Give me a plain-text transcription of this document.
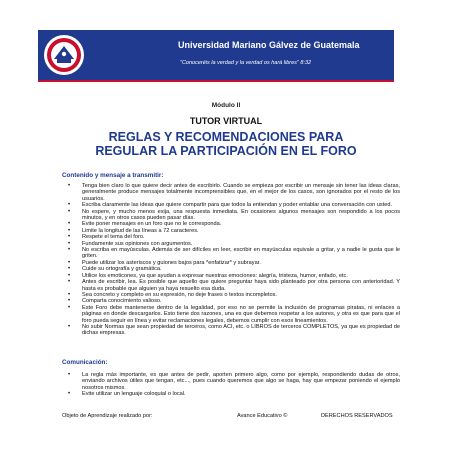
Universidad Mariano Gálvez de Guatemala
"Conoceréis la verdad y la verdad os hará libres" 8:32
Módulo II
TUTOR VIRTUAL
REGLAS Y RECOMENDACIONES PARA
REGULAR LA PARTICIPACIÓN EN EL FORO
Contenido y mensaje a transmitir:
• Tenga bien claro lo que quiere decir antes de escribirlo. Cuando se empieza por escribir un mensaje sin tener las ideas claras, generalmente produce mensajes totalmente incomprensibles que, en el mejor de los casos, son ignorados por el resto de los usuarios.
• Escriba claramente las ideas que quiere compartir para que todos la entiendan y poder entablar una conversación con usted.
• No espere, y mucho menos exija, una respuesta inmediata. En ocasiones algunos mensajes son respondido a los pocos minutos, y en otros casos pueden pasar días.
• Evite poner mensajes en un foro que no le corresponda.
• Limite la longitud de las líneas a 72 caracteres.
• Respete el tema del foro.
• Fundamente sus opiniones con argumentos.
• No escriba en mayúsculas. Además de ser difíciles en leer, escribir en mayúsculas equivale a gritar, y a nadie le gusta que le griten.
• Puede utilizar los asteriscos y guiones bajos para *enfatizar* y subrayar.
• Cuide su ortografía y gramática.
• Utilice los emoticones, ya que ayudan a expresar nuestras emociones: alegría, tristeza, humor, enfado, etc.
• Antes de escribir, lea. Es posible que aquello que quiere preguntar haya sido planteado por otra persona con anterioridad. Y hasta es probable que alguien ya haya resuelto esa duda.
• Sea concreto y completo en su expresión, no deje frases o textos incompletos.
• Comparta conocimiento valioso.
• Este Foro debe mantenerse dentro de la legalidad, por eso no se permite la inclusión de programas piratas, ni enlaces a páginas en donde descargarlos. Esto tiene dos razones, una es que debemos respetar a los autores, y otra es que para que el foro pueda seguir en línea y evitar reclamaciones legales, debemos cumplir con esos lineamientos.
• No subir Normas que sean propiedad de terceros, como ACI, etc. o LIBROS de terceros COMPLETOS, ya que es propiedad de dichas empresas.
Comunicación:
• La regla más importante, es que antes de pedir, aporten primero algo, como por ejemplo, respondiendo dudas de otros, enviando archivos útiles que tengan, etc..., pues cuando queremos que algo se haga, hay que empezar poniendo el ejemplo nosotros mismos.
• Evite utilizar un lenguaje coloquial o local.
Objeto de Aprendizaje realizado por:	Avance Educativo ©	DERECHOS RESERVADOS
